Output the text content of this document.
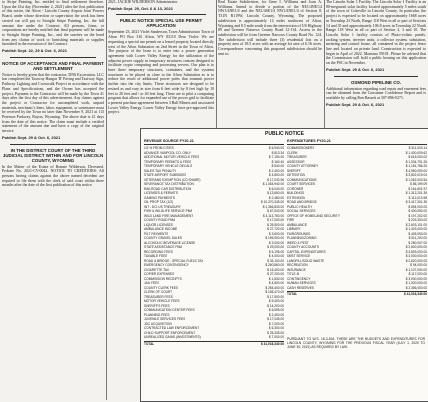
to Stripe Painting, Inc. entitled to final settlement therefore. Upon the 41st day (November 2, 2021) after the first publication of this notice, the Afton - Lincoln County Airport Joint Powers Board, under whose direction or supervision the work has been carried out will pay to Straight Stripe Painting, Inc. the full amount due under the Contract. All persons, firms, or corporations are hereby notified that final payment will be made to Straight Stripe Painting, Inc., and the sureties on the bond from any claims of work or furnishing materials or supplies furnished in the execution of the Contract.

Publish Sept. 22, 29 & Oct. 6, 2021
NOTICE OF ACCEPTANCE AND FINAL PAYMENT AND SETTLEMENT

Notice is hereby given that the contractor, DNS Excavation, LLC has completed the Taxiway Hangar 'B' Paving and Taxiway Sign, Pathway Lighting and Crosswalk Project in accordance with the Plans and Specifications, and the Owner has accepted the project. Payment to the Contractor will be made by the Town 41 days after the first day of this advertisement. Any claims against the project or Contractor for uncompleted work, unpaid materials, mechanic's liens, labor, equipment, or sustenance must be received by the Town no later than November 9, 2021 at 113 Peterson Parkway, Bayon, Wyoming. The above date is 41 days from the date of this notice. The claim must include a verified statement of the amount due and have a copy of the original invoice.

Publish Sept. 29 & Oct. 6, 2021
IN THE DISTRICT COURT OF THE THIRD JUDICIAL DISTRICT WITHIN AND FOR LINCOLN COUNTY, WYOMING

In the Matter of the Estate of Ronnie Wilderson, Deceased. Probate No. 2021-CV-0042. NOTICE TO CREDITORS: All persons having claims against the above named decedent are required to file them with the clerk of said court within three months after the date of the first publication of this notice.

2021. JACKIE WILDERSON Administrator

Publish Sept. 29, Oct. 6 & 13, 2021
PUBLIC NOTICE SPECIAL USE PERMIT APPLICATION

September 23, 2021 Violet Sanderson, Town Administrator Town of Afton PO Box 310 Afton, WY 83110 Dear Violet: We are requesting a special use permit on a leased property located directly west of the Afton Substation on 2nd Street in the Town of Afton. The purpose of the lease is to enter into a power generation agreement with Lower Valley Energy for the utilization of the adjacent power supply in temporary structures custom designed to facilitate crypto computing and processing servers. Our plan is to have three temporary structures, containers, and the systems structures to be placed as close to the Afton Substation as is to reduce the reach of additional power poles that transmit power further into the city limits. These structures are designed to be resized as and vary in size from 6 feet wide by 8 feet high by 10 feet to 20 feet and / or 40 feet long. These are to pilot a computing program that allows for expanded use of the power grid to facilitate a present purchase agreement between 3 Bull Miners and associated Lower Valley Energy. Lower Valley Energy have pre-approved this project.

Real Estate Subdivision, for Gene I. Williams and Joan A. Williams. Intend to divide a portion of the NE1/4NE1/4 NW1/4NE1/4 and the NE1/4SE1/4 NW1/4NE1/4 of Section 8, T31N R119W, Lincoln County, Wyoming. The proposed subdivision is approximately 14 miles northwest of Afton, Wyoming and 8.5 mile south from the intersection of US Highway 89 and Greener Narrows County Road 12-134. Access to the subdivision will be from Greener Narrows County Road No. 124. The subdivision will include three (3) residential lots on a property area of 18.5 acres with an average lot area of 6.16 acres. Correspondence concerning this proposed subdivision should be sent to:

The Lincoln Solar 1 Facility. The Lincoln Solar 1 Facility is an 80-megawatt solar facility located approximately 5 miles south of the town of Cokeville in Lincoln County. In particular, the project is expected to be located on approximately 1668 acres in Township 23 North, Range 118 West in all or part of Sections 14 and 35 and approximately 106.8 acres in Township 22 North Range 118 West in all or part of Section 2, 3 and 10. The Lincoln Solar 1 facility consists of Photo-voltaic panels, racking system, inverter units, a collector system, substation, metering and control house, all contained in the project fence line and located on private land. Construction is expected to begin in April of 2022. Montana 59101. Please be advised that the Commission will hold a public hearing on this application on the PSC in November.

Publish Sept. 29 & Oct. 6, 2021
OSMOND PIPELINE CO.

Additional information regarding road repair and easement fees can be obtained from the Consumer Confidence Report and is available by calling Ron Bassett at 307-886-0271.

Publish Sept. 29 & Oct. 6, 2021
PUBLIC NOTICE
REVENUE SOURCE FY20-21
1/2 % FROM CITIES	$ 6,940.00
ADVANCE VANPOOL CO. ONLY	$ 813.34
ADDITIONAL MOTOR VEHICLE FEES	$ 7,150.00
TEMPORARY PERMITS & FEES	$ 160.40
TEMPORARY VEHICLE DECALS	$ 540.00
SALES TAX PENALTY	$ 2,400.00
STATE AIRPORT SUBSIDIES	$ 4,800.00
VETERANS EXEMPTION (CO SHARE)	$ 17,030.96
SEVERANCE TAX DISTRIBUTION	$ 1,064,940.00
RAILROAD CAR DISTRIBUTION	$ 6,043.00
LICENSES & PERMITS	$ 13,650.00
GAMING PAYMENTS	$ 2,480.00
OIL PROP TAX (1/2)	$ 10,370,345.00
INT - DCI US TREASURY	$ 1,366,833.00
FISH & WILDLIFE SERVICE PMA	$ 67,543.00
WILD LAND FIRE MANAGEMENT	$ 4,113,760.00
COUNTY ROAD PMA	$ 17,000.00
LIQUOR LICENSES	$ 25,500.00
AMBULANCE INCOME	$ 27,720.00
PILT PAYMENTS	$ 3,600.00
COUNTY GRAVEL SALES	$ 196,900.00
ALCOHOLIC BEVERAGE LICENSE	$ 3,000.00
STATE ASSISTANCE PMA	$ 29,000.00
RECORDING FEES	$ 6,195.00
TAXABLE FEES	$ 4,000.00
ROAD & BRIDGE - SPECIAL FUELS TAX	$ 33,100.00
EMERGENCY CONTINGENCY	$ 260,860.00
CIGARETTE TAX	$ 16,400.00
COPIER EXPENSES	$ 27,200.00
COMMISSION RECEIPTS	$ 1,830.00
JAIL FEES	$ 4,800.00
COUNTY CLERK FEES	$ 265,400.00
CLERK OF COURT	$ 155,470.00
TREASURER FEES	$ 17,500.00
MOTOR VEHICLE FEES	$ 9,400.00
SHERIFF'S FEES	$ 14,200.00
COMMUNICATION CENTER FEES	$ 6,595.00
PLANNING FEES	$ 2,400.00
JUVENILE SERVICES FEES	$ 17,045.00
JDC ACQUISITION	$ 7,000.00
CONTRACTED LAW ENFORCEMENT	$ 6,300.00
CHILD SUPPORT ENFORCEMENT	$ 25,335.00
UNREALIZED GAINS (INVESTMENTS)	$ 7,000.00
TOTAL	$ 41,016,340.00
EXPENDITURES FY20-21
COMMISSIONERS	$ 311,003.14
CLERK	$ 1,400,009.62
TREASURER	$ 615,000.02
ASSESSOR	$ 1,034,791.26
COUNTY ATTORNEY	$ 1,181,786.20
SHERIFF	$ 4,960,090.00
DETENTION	$ 3,802,019.04
COMMUNICATIONS	$ 1,062,003.54
COURT SERVICES	$ 86,199.09
CORONER	$ 161,601.97
BUILDINGS	$ 1,312,201.35
EXTENSION	$ 112,013.98
ROAD AND BRIDGE	$ 3,417,301.35
PUBLIC HEALTH	$ 694,000.00
SOCIAL SERVICES	$ 400,050.00
OFFICE OF HOMELAND SECURITY	$ 197,202.00
FIRE	$ 203,300.00
AMBULANCE	$ 2,603,101.00
LIBRARY	$ 1,403,000.00
FAIRGROUNDS	$ 405,053.00
PLANNING/ZONING	$ 911,200.00
WEED & PEST	$ 280,007.00
COUNTY ACCOUNTS	$ 2,600,000.00
CAPITAL EXPENDITURES	$ 3,693,000.00
DEBT SERVICE	$ 3,000,000.00
LANDFILL/SOLID WASTE	$ 2,620,000.00
RECREATION	$ 94,000.00
INSURANCE	$ 1,107,000.00
TITLE III	$ 117,000.00
CONTINGENCY	$ 3,000,000.00
HUMAN SERVICES	$ 1,000,000.00
CASH RESERVES	$ 2,356,000.00
TOTAL	$ 41,016,340.00
PURSUANT TO W.S. 18-3-516, THESE ARE THE BUDGETS AND EXPENDITURES FOR LINCOLN COUNTY, WYOMING FOR THE PREVIOUS FISCAL YEAR (JULY 1, 2020 TO JUNE 30, 2021) AS REQUIRED BY LAW.
